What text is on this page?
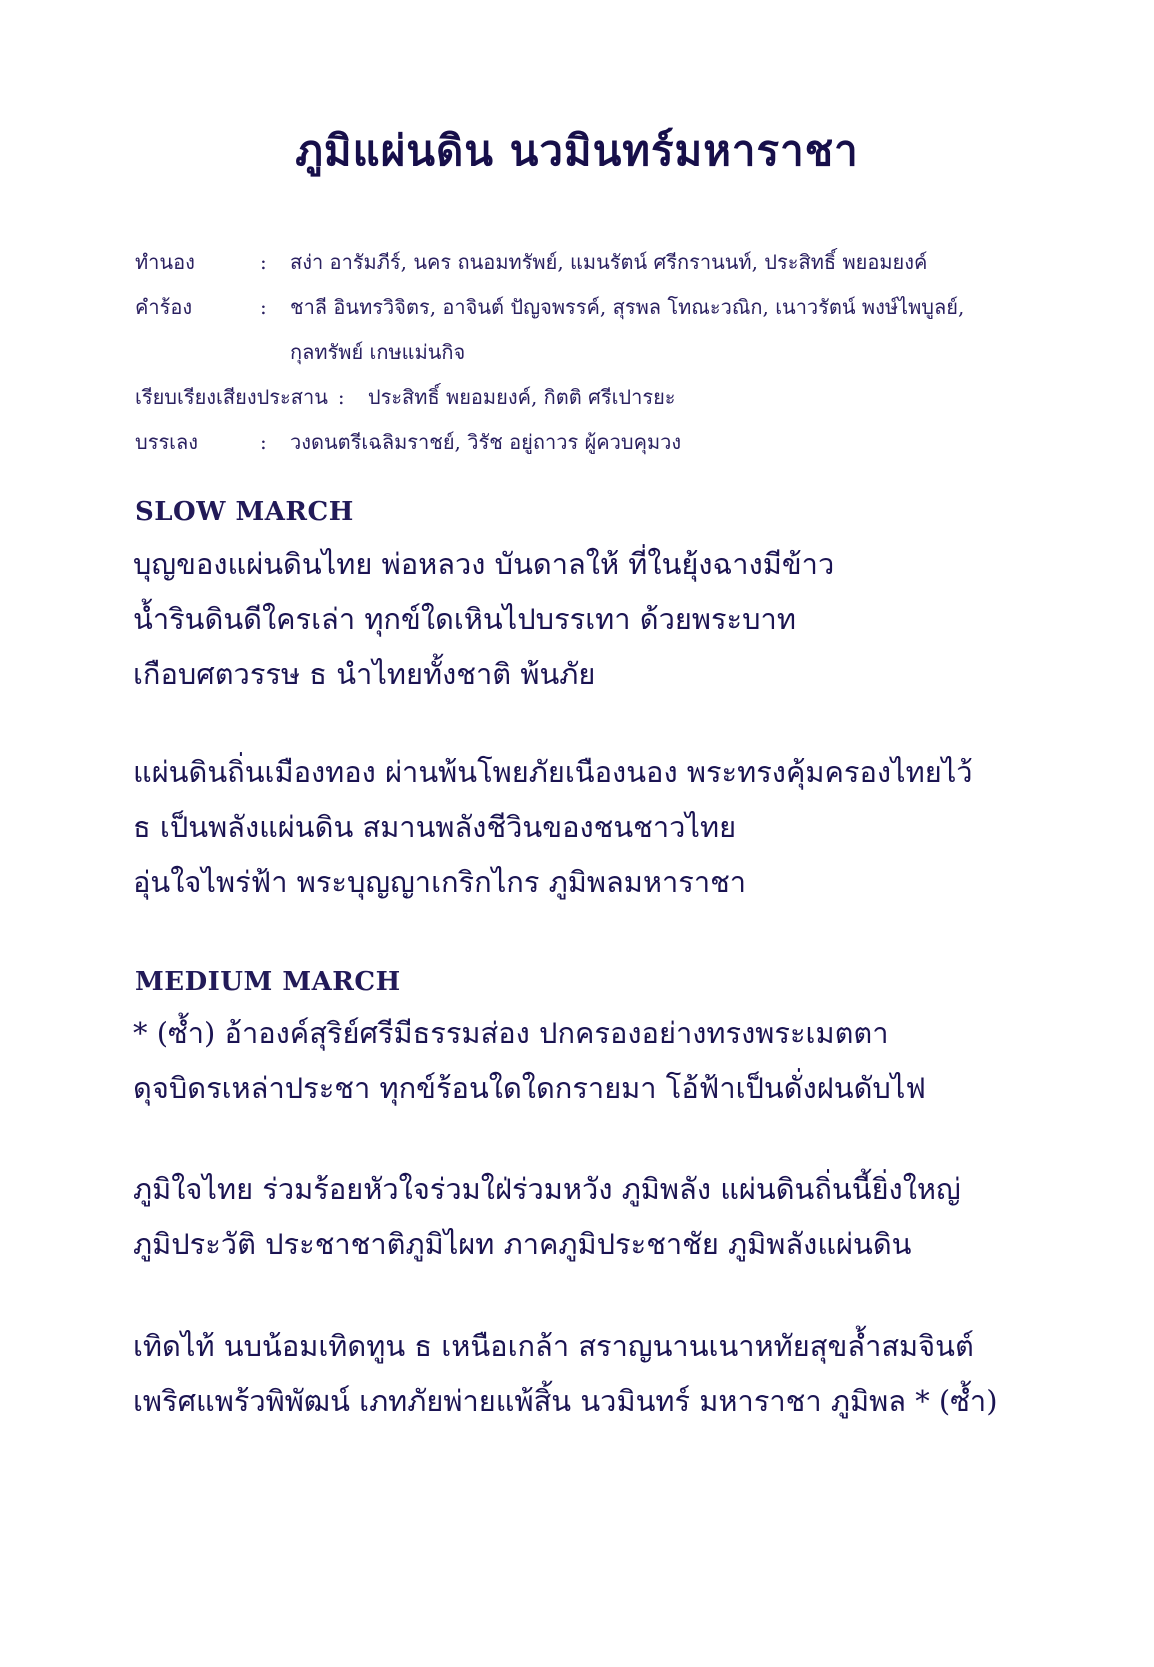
ภูมิแผ่นดิน นวมินทร์มหาราชา
ทำนอง	:	สง่า อารัมภีร์, นคร ถนอมทรัพย์, แมนรัตน์ ศรีกรานนท์, ประสิทธิ์ พยอมยงค์
คำร้อง	:	ชาลี อินทรวิจิตร, อาจินต์ ปัญจพรรค์, สุรพล โทณะวณิก, เนาวรัตน์ พงษ์ไพบูลย์,
กุลทรัพย์ เกษแม่นกิจ
เรียบเรียงเสียงประสาน :	ประสิทธิ์ พยอมยงค์, กิตติ ศรีเปารยะ
บรรเลง	:	วงดนตรีเฉลิมราชย์, วิรัช อยู่ถาวร ผู้ควบคุมวง
SLOW MARCH
บุญของแผ่นดินไทย พ่อหลวง บันดาลให้ ที่ในยุ้งฉางมีข้าว
น้ำรินดินดีใครเล่า ทุกข์ใดเหินไปบรรเทา ด้วยพระบาท
เกือบศตวรรษ ธ นำไทยทั้งชาติ พ้นภัย
แผ่นดินถิ่นเมืองทอง ผ่านพ้นโพยภัยเนืองนอง พระทรงคุ้มครองไทยไว้
ธ เป็นพลังแผ่นดิน สมานพลังชีวินของชนชาวไทย
อุ่นใจไพร่ฟ้า พระบุญญาเกริกไกร ภูมิพลมหาราชา
MEDIUM MARCH
* (ซ้ำ) อ้าองค์สุริย์ศรีมีธรรมส่อง ปกครองอย่างทรงพระเมตตา
ดุจบิดรเหล่าประชา ทุกข์ร้อนใดใดกรายมา โอ้ฟ้าเป็นดั่งฝนดับไฟ
ภูมิใจไทย ร่วมร้อยหัวใจร่วมใฝ่ร่วมหวัง ภูมิพลัง แผ่นดินถิ่นนี้ยิ่งใหญ่
ภูมิประวัติ ประชาชาติภูมิไผท ภาคภูมิประชาชัย ภูมิพลังแผ่นดิน
เทิดไท้ นบน้อมเทิดทูน ธ เหนือเกล้า สราญนานเนาหทัยสุขล้ำสมจินต์
เพริศแพร้วพิพัฒน์ เภทภัยพ่ายแพ้สิ้น นวมินทร์ มหาราชา ภูมิพล * (ซ้ำ)
